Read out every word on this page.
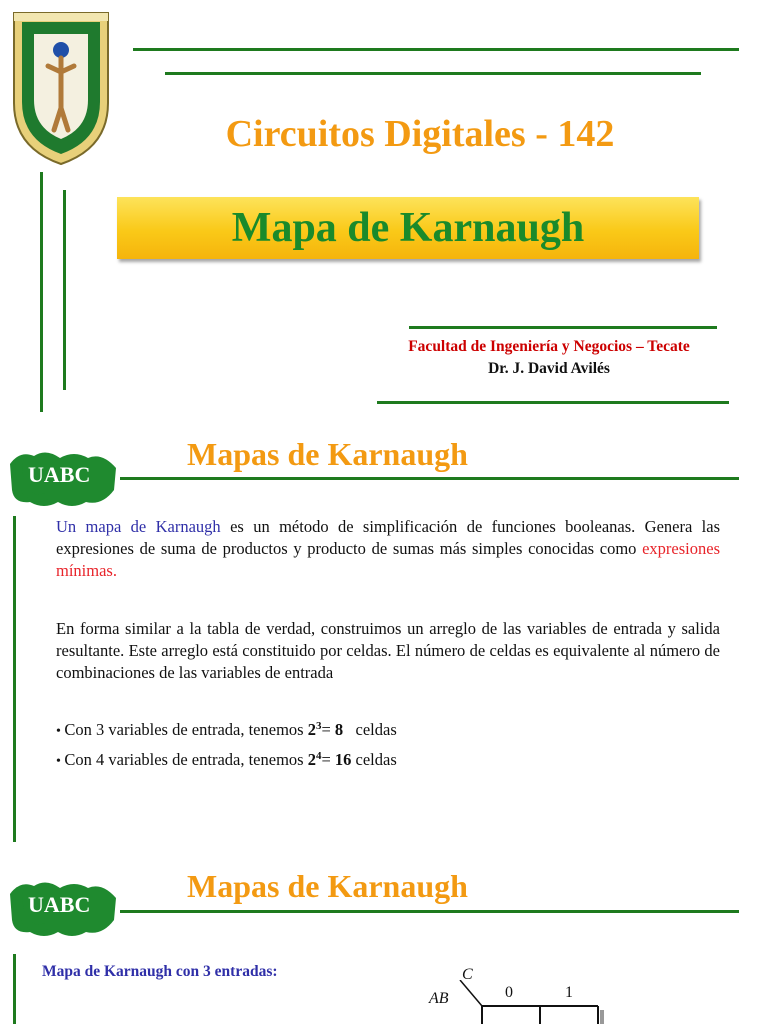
Circuitos Digitales - 142
Mapa de Karnaugh
Facultad de Ingeniería y Negocios – Tecate
Dr. J. David Avilés
UABC
Mapas de Karnaugh
Un mapa de Karnaugh es un método de simplificación de funciones booleanas. Genera las expresiones de suma de productos y producto de sumas más simples conocidas como expresiones mínimas.
En forma similar a la tabla de verdad, construimos un arreglo de las variables de entrada y salida resultante. Este arreglo está constituido por celdas. El número de celdas es equivalente al número de combinaciones de las variables de entrada
• Con 3 variables de entrada, tenemos $2^3= 8$   celdas
• Con 4 variables de entrada, tenemos $2^4= 16$ celdas
UABC
Mapas de Karnaugh
Mapa de Karnaugh con 3 entradas:	C
AB	0	1
